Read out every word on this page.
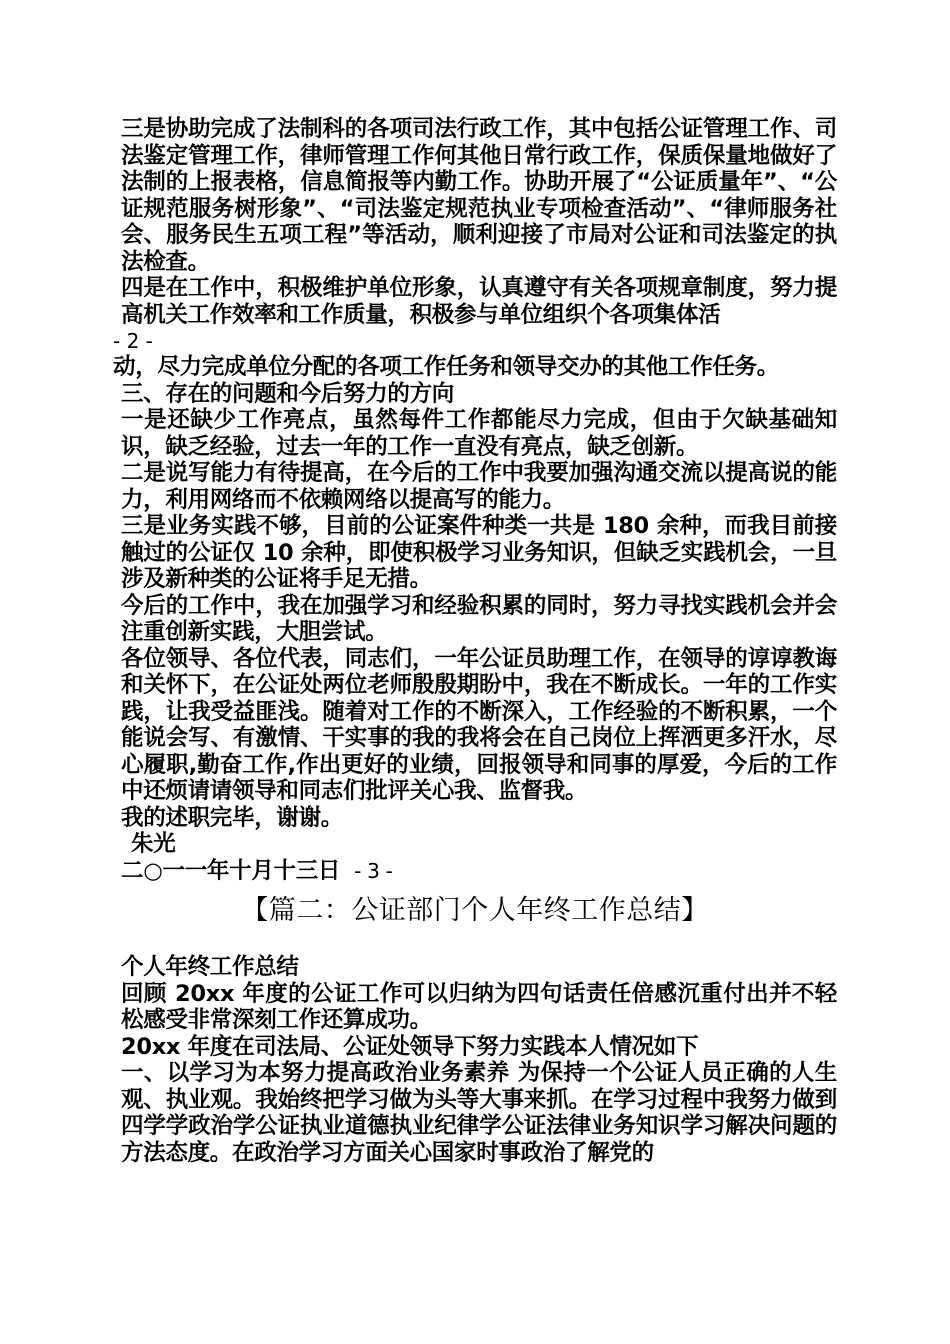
三是协助完成了法制科的各项司法行政工作，其中包括公证管理工作、司法鉴定管理工作，律师管理工作何其他日常行政工作，保质保量地做好了法制的上报表格，信息简报等内勤工作。协助开展了“公证质量年”、“公证规范服务树形象”、“司法鉴定规范执业专项检查活动”、“律师服务社会、服务民生五项工程”等活动，顺利迎接了市局对公证和司法鉴定的执法检查。

四是在工作中，积极维护单位形象，认真遵守有关各项规章制度，努力提高机关工作效率和工作质量，积极参与单位组织个各项集体活

- 2 -

动，尽力完成单位分配的各项工作任务和领导交办的其他工作任务。

三、存在的问题和今后努力的方向

一是还缺少工作亮点，虽然每件工作都能尽力完成，但由于欠缺基础知识，缺乏经验，过去一年的工作一直没有亮点，缺乏创新。

二是说写能力有待提高，在今后的工作中我要加强沟通交流以提高说的能力，利用网络而不依赖网络以提高写的能力。

三是业务实践不够，目前的公证案件种类一共是 180 余种，而我目前接触过的公证仅 10 余种，即使积极学习业务知识，但缺乏实践机会，一旦涉及新种类的公证将手足无措。

今后的工作中，我在加强学习和经验积累的同时，努力寻找实践机会并会注重创新实践，大胆尝试。

各位领导、各位代表，同志们，一年公证员助理工作，在领导的谆谆教诲和关怀下，在公证处两位老师殷殷期盼中，我在不断成长。一年的工作实践，让我受益匪浅。随着对工作的不断深入，工作经验的不断积累，一个能说会写、有激情、干实事的我的我将会在自己岗位上挥洒更多汗水，尽心履职,勤奋工作,作出更好的业绩，回报领导和同事的厚爱，今后的工作中还烦请请领导和同志们批评关心我、监督我。

我的述职完毕，谢谢。

朱光

二○一一年十月十三日 - 3 -

【篇二：公证部门个人年终工作总结】

个人年终工作总结

回顾 20xx 年度的公证工作可以归纳为四句话责任倍感沉重付出并不轻松感受非常深刻工作还算成功。

20xx 年度在司法局、公证处领导下努力实践本人情况如下

一、以学习为本努力提高政治业务素养 为保持一个公证人员正确的人生观、执业观。我始终把学习做为头等大事来抓。在学习过程中我努力做到四学学政治学公证执业道德执业纪律学公证法律业务知识学习解决问题的方法态度。在政治学习方面关心国家时事政治了解党的
